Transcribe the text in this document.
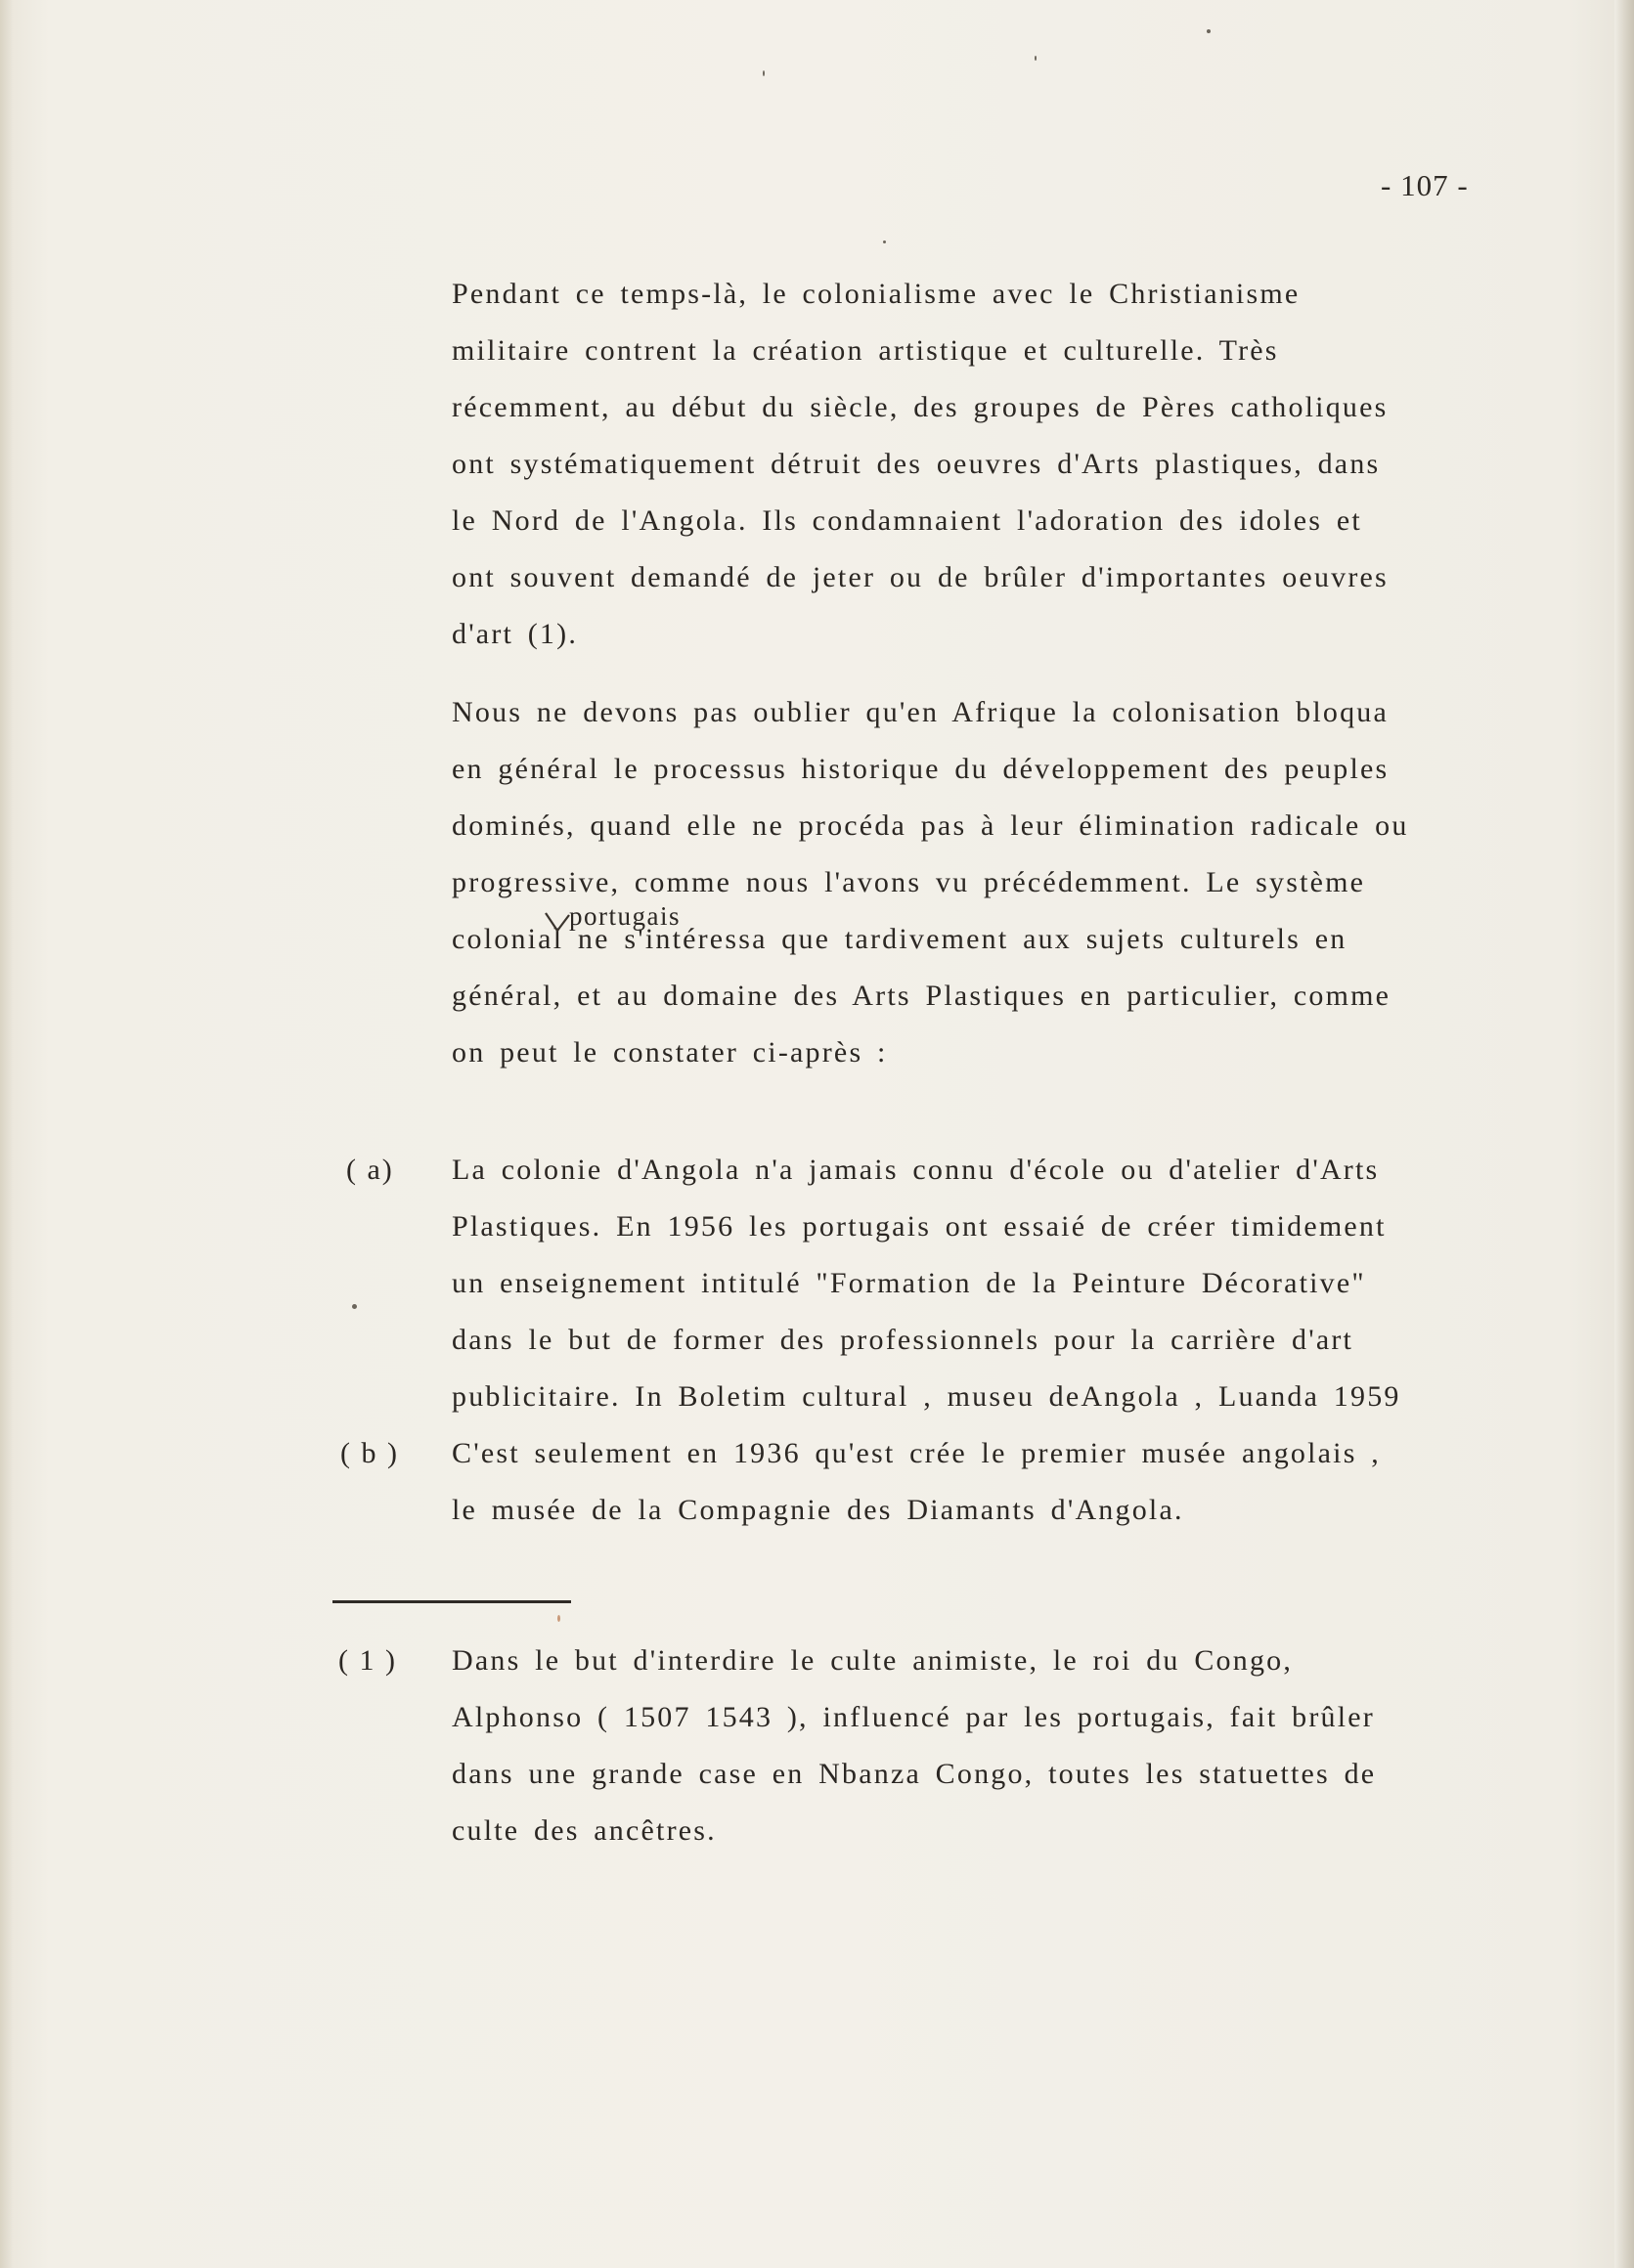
- 107 -
Pendant ce temps-là, le colonialisme avec le Christianisme
militaire contrent la création artistique et culturelle. Très
récemment, au début du siècle, des groupes de Pères catholiques
ont systématiquement détruit des oeuvres d'Arts plastiques, dans
le Nord de l'Angola. Ils condamnaient l'adoration des idoles et
ont souvent demandé de jeter ou de brûler d'importantes oeuvres
d'art (1).
Nous ne devons pas oublier qu'en Afrique la colonisation bloqua
en général le processus historique du développement des peuples
dominés, quand elle ne procéda pas à leur élimination radicale ou
progressive, comme nous l'avons vu précédemment. Le système
colonial ne s'intéressa que tardivement aux sujets culturels en
général, et au domaine des Arts Plastiques en particulier, comme
on peut le constater ci-après :
portugais
( a) La colonie d'Angola n'a jamais connu d'école ou d'atelier d'Arts
Plastiques. En 1956 les portugais ont essaié de créer timidement
un enseignement intitulé "Formation de la Peinture Décorative"
dans le but de former des professionnels pour la carrière d'art
publicitaire. In Boletim cultural , museu deAngola , Luanda 1959
( b ) C'est seulement en 1936 qu'est crée le premier musée angolais ,
le musée de la Compagnie des Diamants d'Angola.
( 1 ) Dans le but d'interdire le culte animiste, le roi du Congo,
Alphonso ( 1507 1543 ), influencé par les portugais, fait brûler
dans une grande case en Nbanza Congo, toutes les statuettes de
culte des ancêtres.
